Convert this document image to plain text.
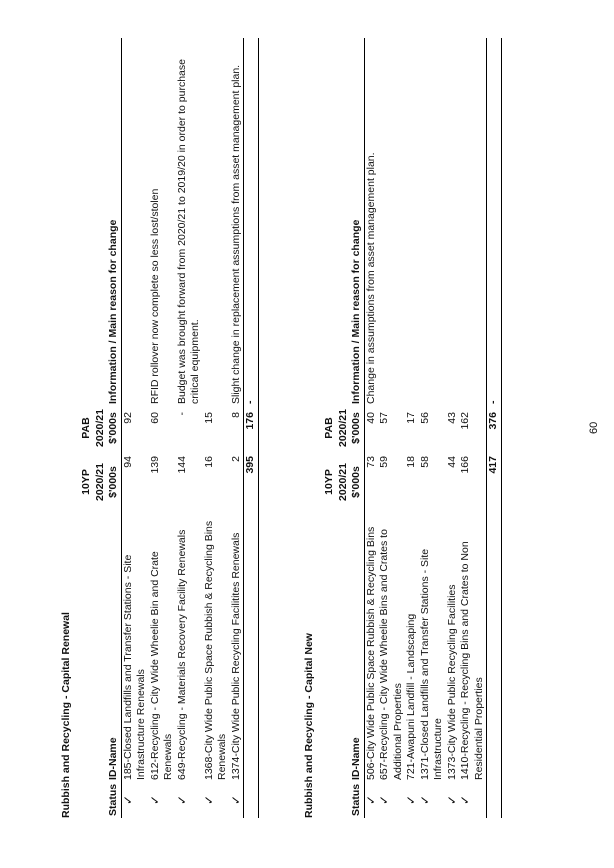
Rubbish and Recycling - Capital Renewal
		10YP	PAB	
		2020/21	2020/21	
Status	ID-Name	$'000s	$'000s	Information / Main reason for change
✓	185-Closed Landfills and Transfer Stations - Site Infrastructure Renewals	94	92	
✓	612-Recycling - City Wide Wheelie Bin and Crate Renewals	139	60	RFID rollover now complete so less lost/stolen
✓	649-Recycling - Materials Recovery Facility Renewals	144	-	Budget was brought forward from 2020/21 to 2019/20 in order to purchase critical equipment.
✓	1368-City Wide Public Space Rubbish & Recycling Bins Renewals	16	15	
✓	1374-City Wide Public Recycling Facilitites Renewals	2	8	Slight change in replacement assumptions from asset management plan.
		395	176	-
Rubbish and Recycling - Capital New
		10YP	PAB	
		2020/21	2020/21	
Status	ID-Name	$'000s	$'000s	Information / Main reason for change
✓	506-City Wide Public Space Rubbish & Recycling Bins	73	40	Change in assumptions from asset management plan.
✓	657-Recycling - City Wide Wheelie Bins and Crates to Additional Properties	59	57	
✓	721-Awapuni Landfill - Landscaping	18	17	
✓	1371-Closed Landfills and Transfer Stations - Site Infrastructure	58	56	
✓	1373-City Wide Public Recycling Facilities	44	43	
✓	1410-Recycling - Recycling Bins and Crates to Non Residential Properties	166	162	
		417	376	-
60
